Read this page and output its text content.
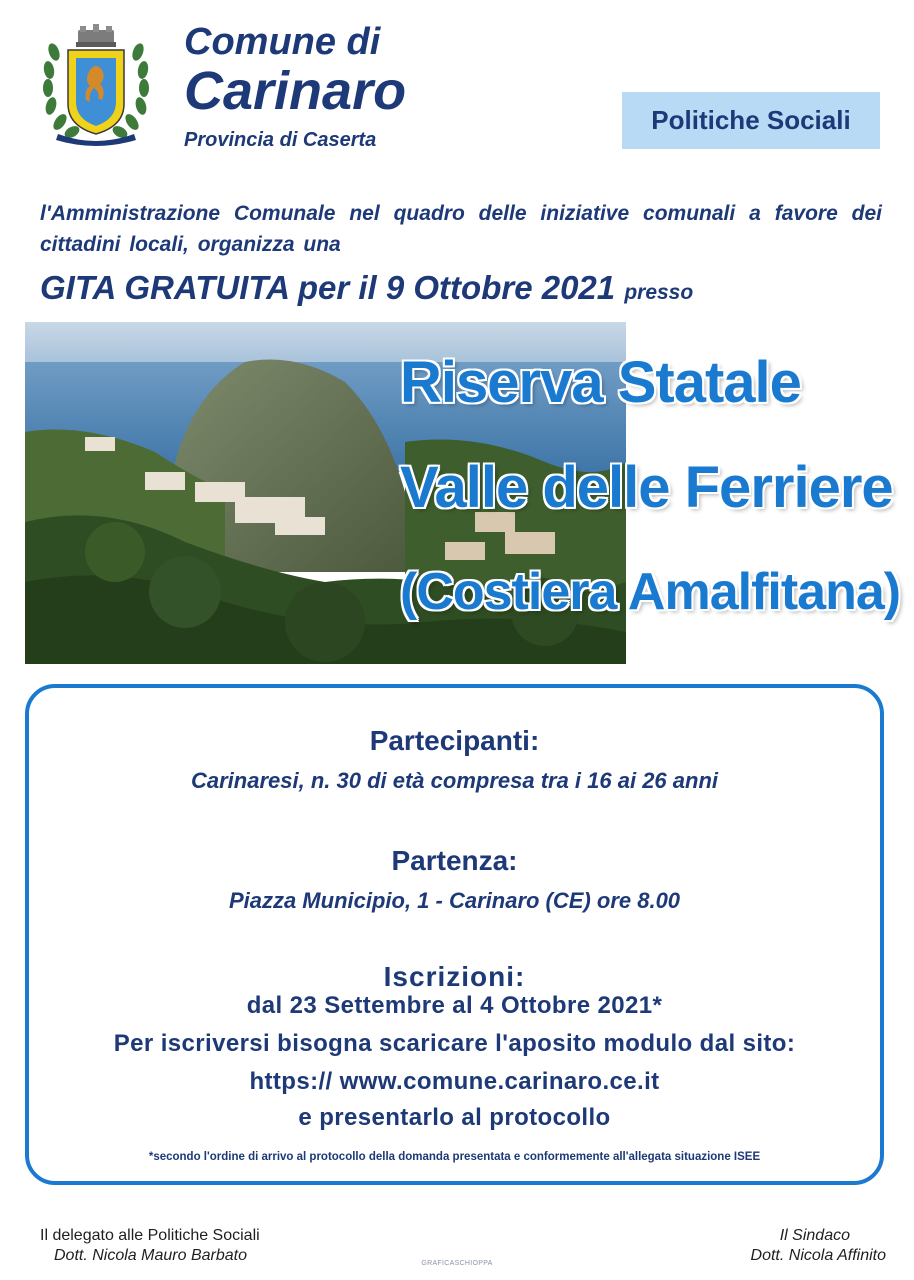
Comune di
Carinaro
Provincia di Caserta
Politiche Sociali
l'Amministrazione Comunale nel quadro delle iniziative comunali a favore dei cittadini locali, organizza una
GITA GRATUITA per il 9 Ottobre 2021 presso
Riserva Statale
Valle delle Ferriere
(Costiera Amalfitana)
Partecipanti:
Carinaresi, n. 30 di età compresa tra i 16 ai 26 anni
Partenza:
Piazza Municipio, 1 - Carinaro (CE) ore 8.00
Iscrizioni:
dal 23 Settembre al 4 Ottobre 2021*
Per iscriversi bisogna scaricare l'aposito modulo dal sito:
https:// www.comune.carinaro.ce.it
e presentarlo al protocollo
*secondo l'ordine di arrivo al protocollo della domanda presentata e conformemente all'allegata situazione ISEE
Il delegato alle Politiche Sociali
Dott. Nicola Mauro Barbato
Il Sindaco
Dott. Nicola Affinito
GRAFICASCHIOPPA
